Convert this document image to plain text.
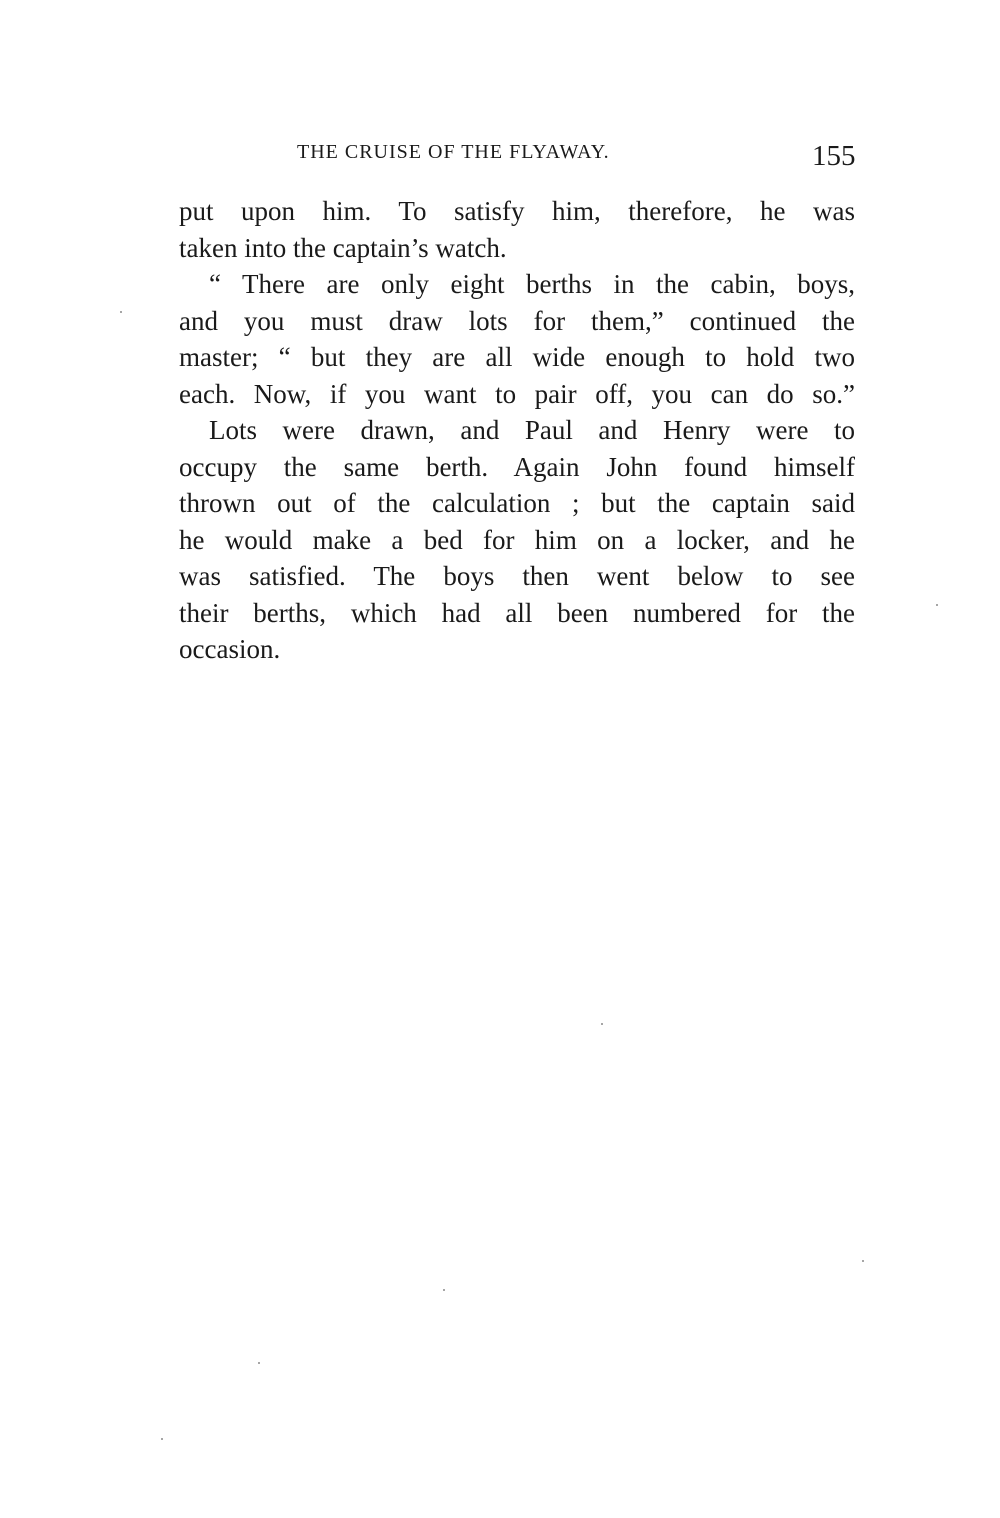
THE CRUISE OF THE FLYAWAY.	155
put upon him. To satisfy him, therefore, he was
taken into the captain’s watch.
“ There are only eight berths in the cabin, boys,
and you must draw lots for them,” continued the
master; “ but they are all wide enough to hold two
each. Now, if you want to pair off, you can do so.”
Lots were drawn, and Paul and Henry were to
occupy the same berth. Again John found himself
thrown out of the calculation ; but the captain said
he would make a bed for him on a locker, and he
was satisfied. The boys then went below to see
their berths, which had all been numbered for the
occasion.
